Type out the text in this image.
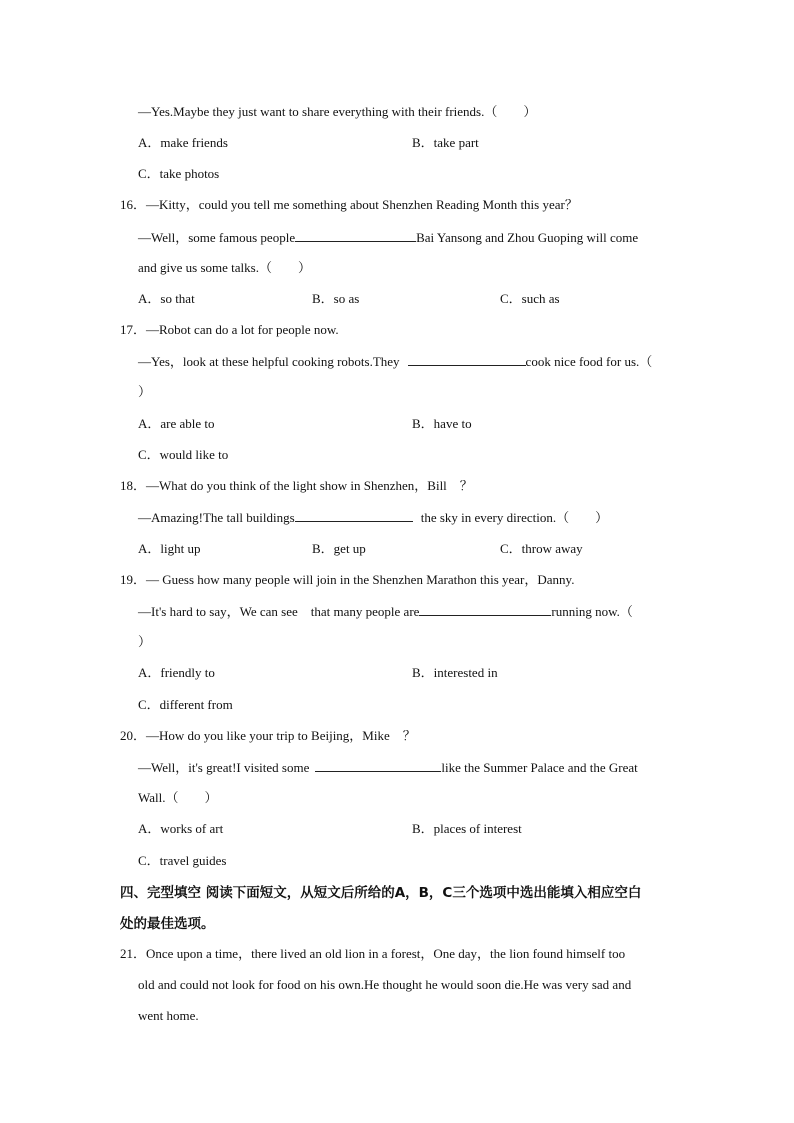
—Yes.Maybe they just want to share everything with their friends.（　　）
A．make friends	B．take part
C．take photos
16．—Kitty，could you tell me something about Shenzhen Reading Month this year？
—Well，some famous people	Bai Yansong and Zhou Guoping will come
and give us some talks.（　　）
A．so that	B．so as	C．such as
17．—Robot can do a lot for people now.
—Yes，look at these helpful cooking robots.They	cook nice food for us.（
）
A．are able to	B．have to
C．would like to
18．—What do you think of the light show in Shenzhen，Bill　？
—Amazing!The tall buildings	the sky in every direction.（　　）
A．light up	B．get up	C．throw away
19．— Guess how many people will join in the Shenzhen Marathon this year，Danny.
—It's hard to say，We can see　that many people are	running now.（
）
A．friendly to	B．interested in
C．different from
20．—How do you like your trip to Beijing，Mike　？
—Well，it's great!I visited some	like the Summer Palace and the Great
Wall.（　　）
A．works of art	B．places of interest
C．travel guides
四、完型填空 阅读下面短文，从短文后所给的A，B，C三个选项中选出能填入相应空白
处的最佳选项。
21．Once upon a time，there lived an old lion in a forest，One day，the lion found himself too
old and could not look for food on his own.He thought he would soon die.He was very sad and
went home.
